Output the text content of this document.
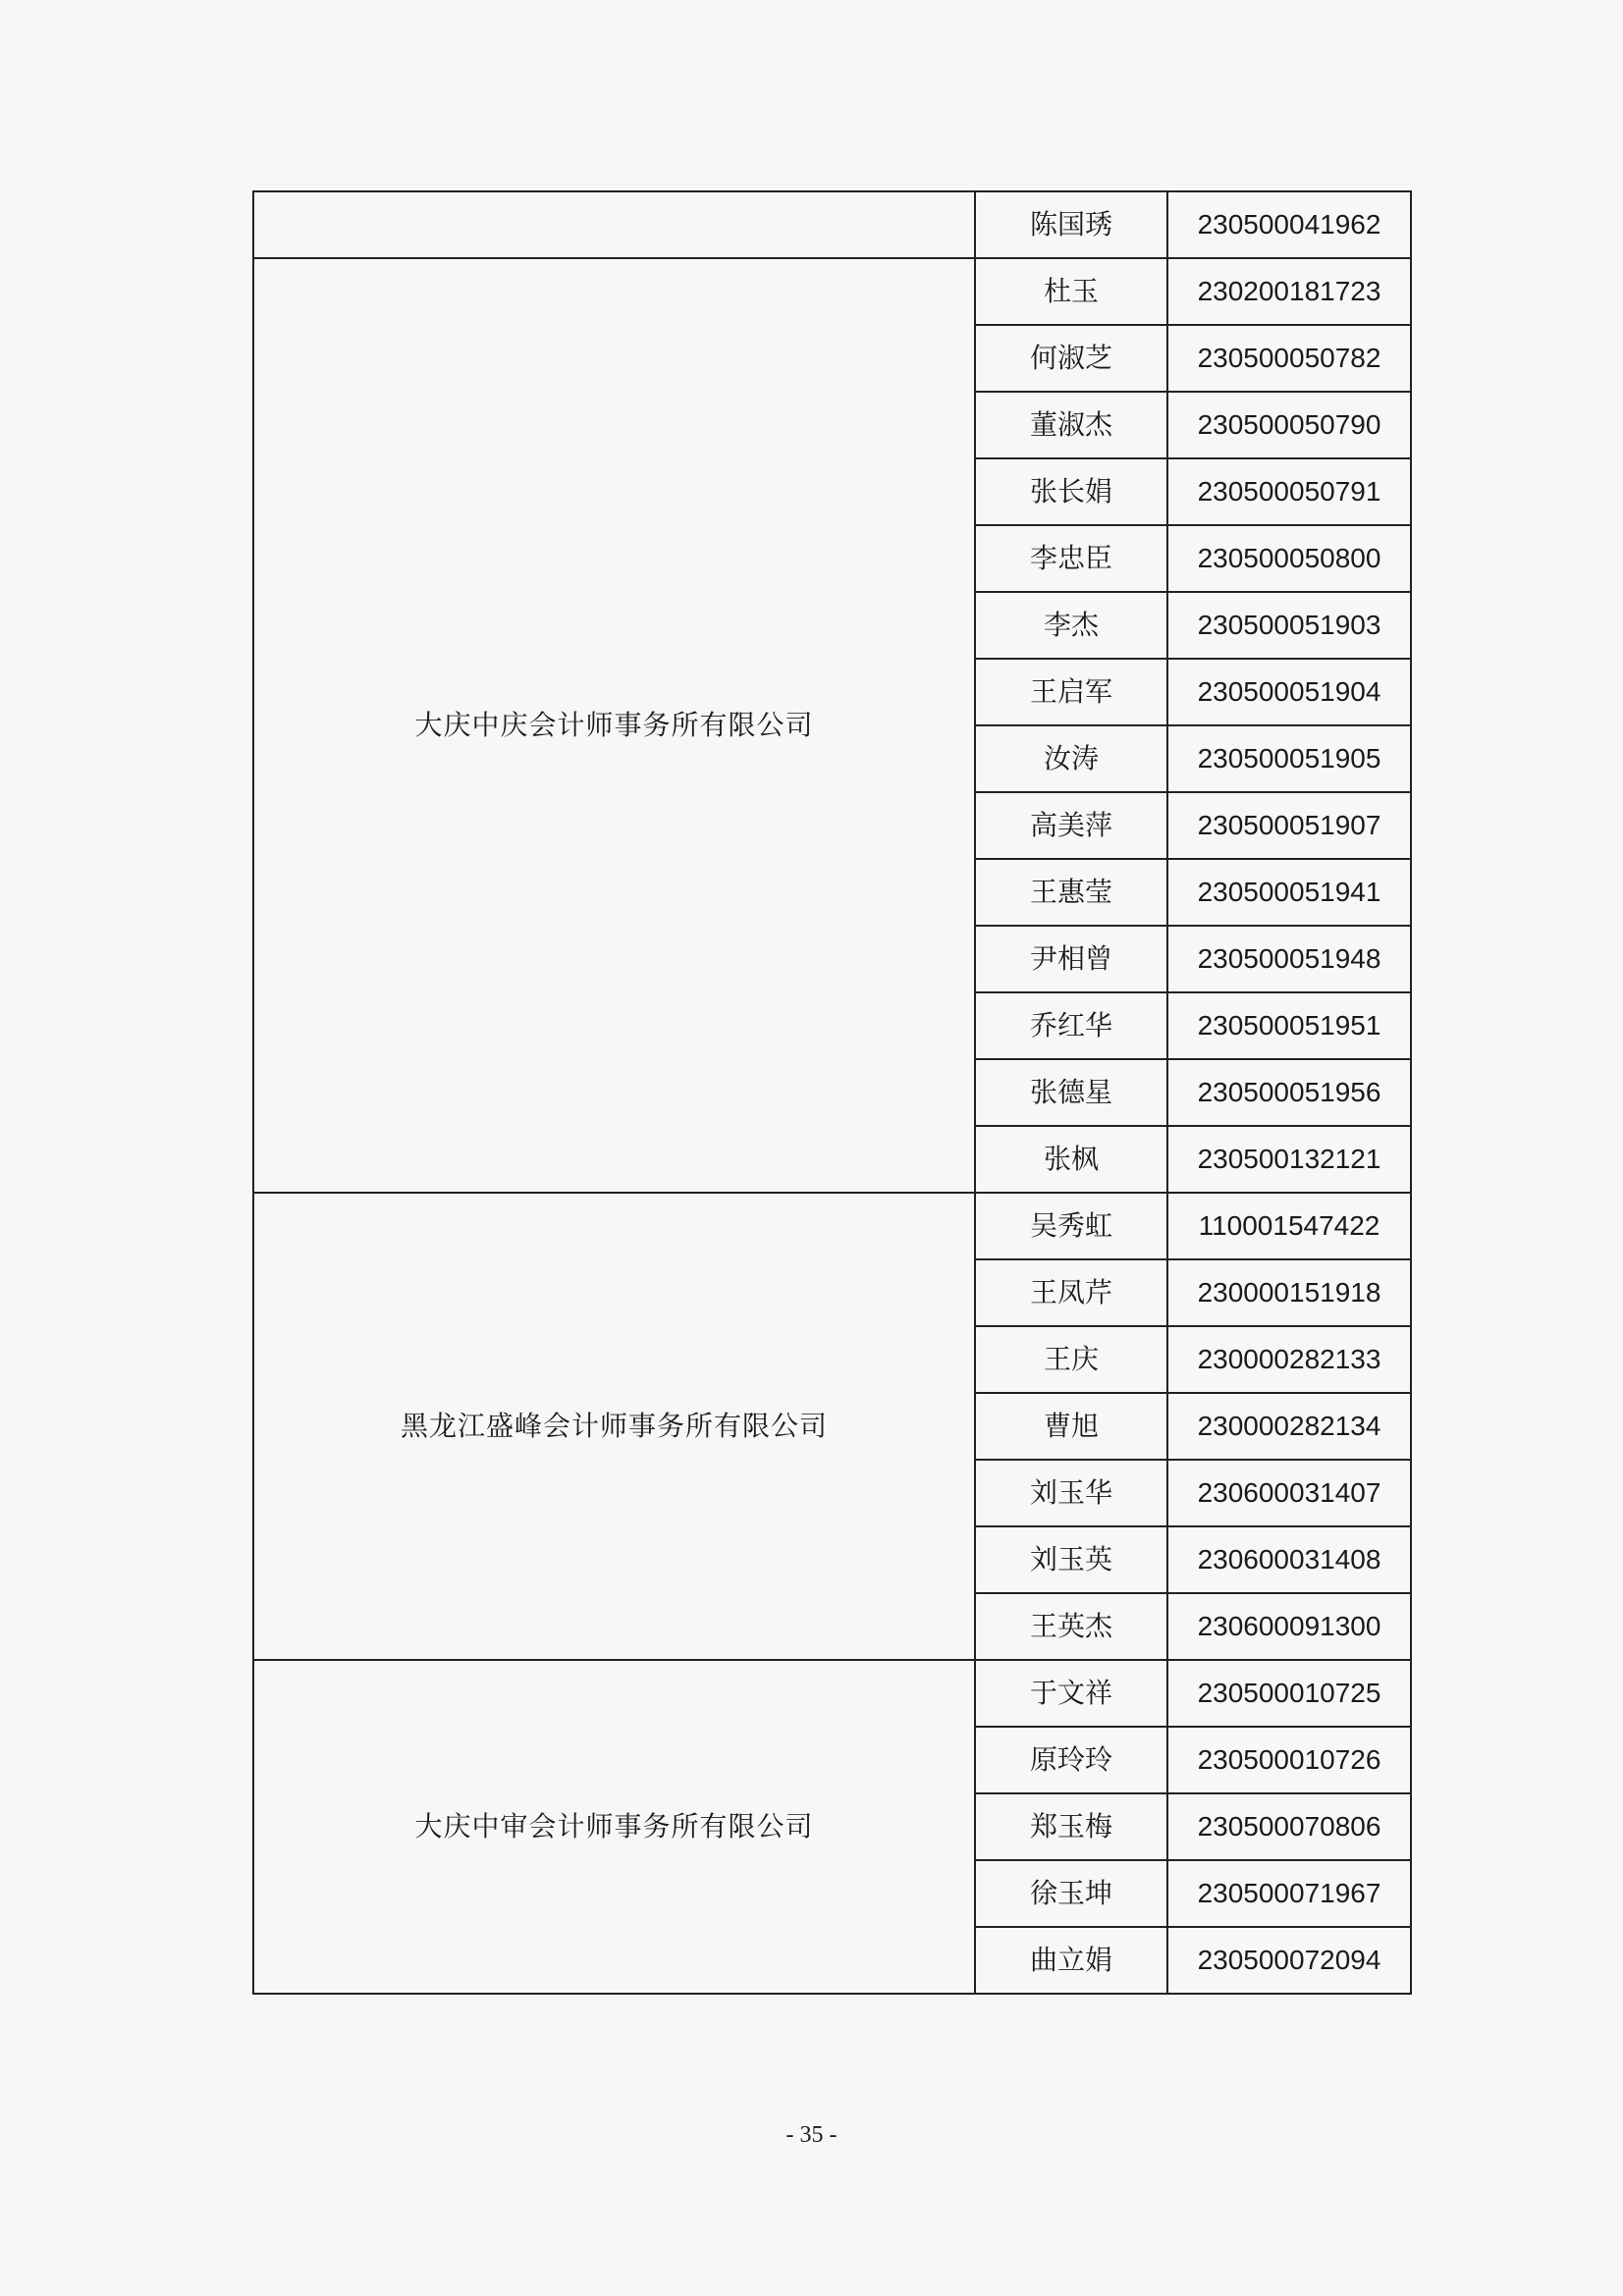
	陈国琇	230500041962
大庆中庆会计师事务所有限公司	杜玉	230200181723
	何淑芝	230500050782
	董淑杰	230500050790
	张长娟	230500050791
	李忠臣	230500050800
	李杰	230500051903
	王启军	230500051904
	汝涛	230500051905
	高美萍	230500051907
	王惠莹	230500051941
	尹相曾	230500051948
	乔红华	230500051951
	张德星	230500051956
	张枫	230500132121
黑龙江盛峰会计师事务所有限公司	吴秀虹	110001547422
	王凤芹	230000151918
	王庆	230000282133
	曹旭	230000282134
	刘玉华	230600031407
	刘玉英	230600031408
	王英杰	230600091300
大庆中审会计师事务所有限公司	于文祥	230500010725
	原玲玲	230500010726
	郑玉梅	230500070806
	徐玉坤	230500071967
	曲立娟	230500072094
- 35 -
